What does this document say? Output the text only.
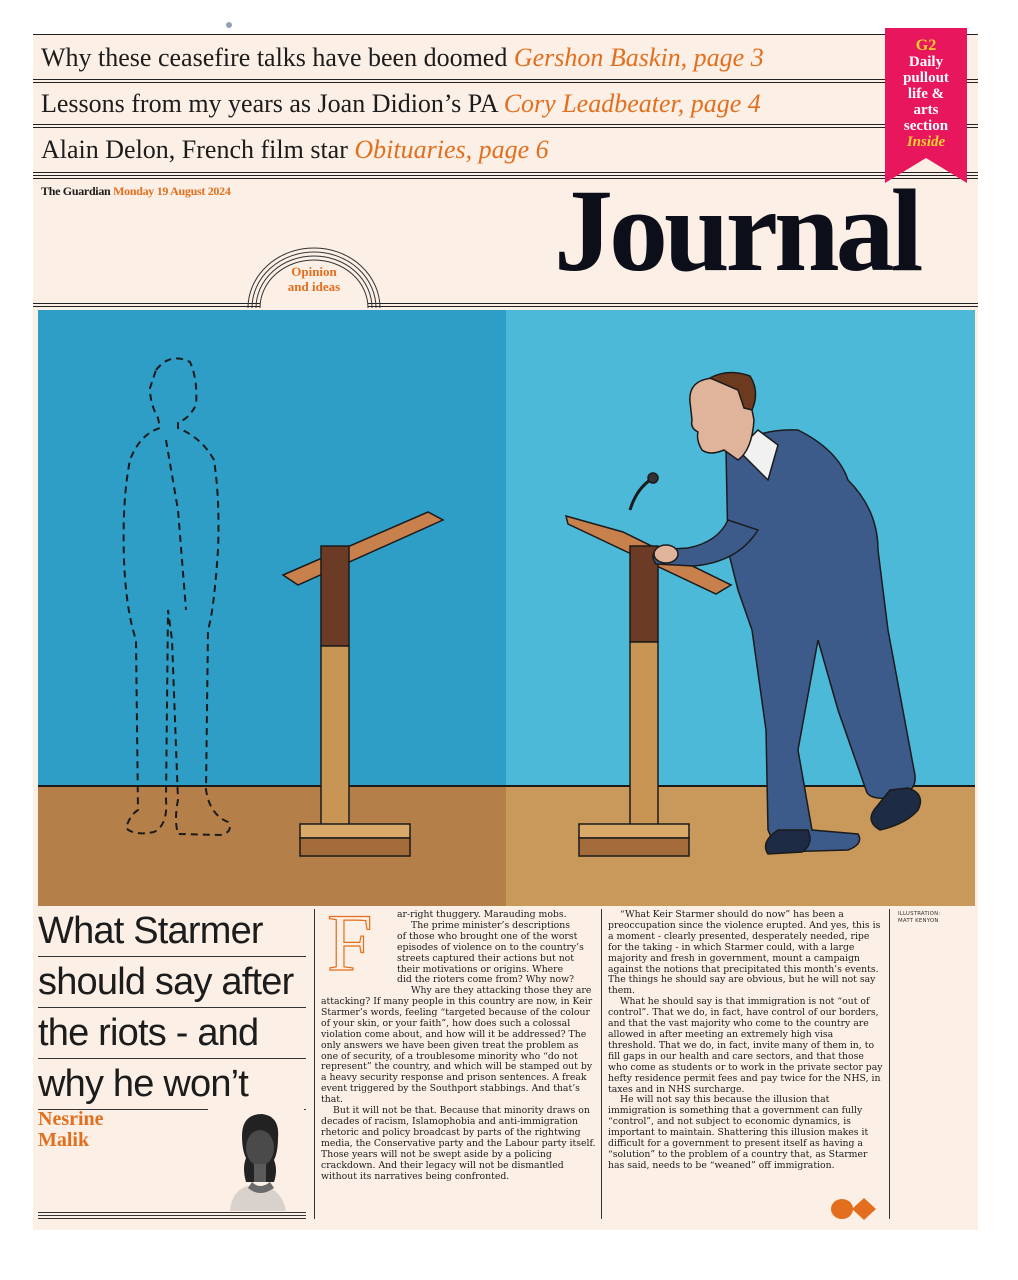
Why these ceasefire talks have been doomed Gershon Baskin, page 3
Lessons from my years as Joan Didion’s PA Cory Leadbeater, page 4
Alain Delon, French film star Obituaries, page 6
G2
Daily
pullout
life &
arts
section
Inside
The Guardian Monday 19 August 2024	Journal
Opinion
and ideas
What Starmer
should say after
the riots - and
why he won’t
Nesrine
Malik
F	ar-right thuggery. Marauding mobs.
The prime minister’s descriptions
of those who brought one of the worst
episodes of violence on to the country’s
streets captured their actions but not
their motivations or origins. Where
did the rioters come from? Why now?
Why are they attacking those they are

attacking? If many people in this country are now, in Keir Starmer’s words, feeling “targeted because of the colour of your skin, or your faith”, how does such a colossal violation come about, and how will it be addressed? The only answers we have been given treat the problem as one of security, of a troublesome minority who “do not represent” the country, and which will be stamped out by a heavy security response and prison sentences. A freak event triggered by the Southport stabbings. And that’s that.

But it will not be that. Because that minority draws on decades of racism, Islamophobia and anti-immigration rhetoric and policy broadcast by parts of the rightwing media, the Conservative party and the Labour party itself. Those years will not be swept aside by a policing crackdown. And their legacy will not be dismantled without its narratives being confronted.

“What Keir Starmer should do now” has been a preoccupation since the violence erupted. And yes, this is a moment - clearly presented, desperately needed, ripe for the taking - in which Starmer could, with a large majority and fresh in government, mount a campaign against the notions that precipitated this month’s events. The things he should say are obvious, but he will not say them.

What he should say is that immigration is not “out of control”. That we do, in fact, have control of our borders, and that the vast majority who come to the country are allowed in after meeting an extremely high visa threshold. That we do, in fact, invite many of them in, to fill gaps in our health and care sectors, and that those who come as students or to work in the private sector pay hefty residence permit fees and pay twice for the NHS, in taxes and in NHS surcharge.

He will not say this because the illusion that immigration is something that a government can fully “control”, and not subject to economic dynamics, is important to maintain. Shattering this illusion makes it difficult for a government to present itself as having a “solution” to the problem of a country that, as Starmer has said, needs to be “weaned” off immigration.

ILLUSTRATION:
MATT KENYON
